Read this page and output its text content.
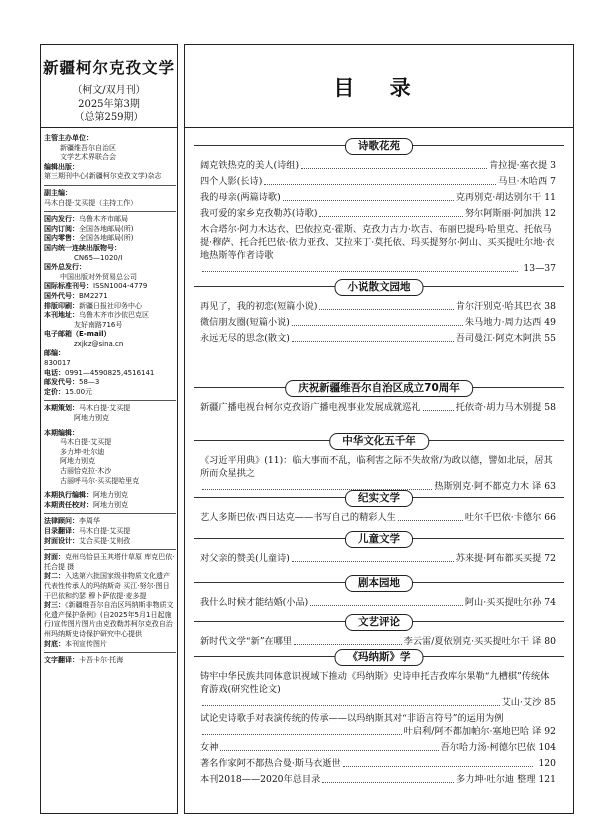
新疆柯尔克孜文学
（柯文/双月刊）
2025年第3期
（总第259期）
主管主办单位：
新疆维吾尔自治区
文学艺术界联合会
编辑出版：
第三期刊中心(新疆柯尔克孜文学)杂志
副主编：
马木白提·艾买提（主持工作）
国内发行：乌鲁木齐市邮局
国内订阅：全国各地邮局(所)
国内零售：全国各地邮局(所)
国内统一连续出版物号：
CN65—1020/I
国外总发行：
中国出版对外贸易总公司
国际标准刊号：ISSN1004-4779
国外代号：BM2271
排版印刷：新疆日报社印务中心
本刊地址：乌鲁木齐市沙依巴克区
友好南路716号
电子邮箱（E-mail）
zxjkz@sina.cn
邮编：
830017
电话：0991—4590825,4516141
邮发代号：58—3
定价：15.00元
本期策划：马木白提·艾买提
阿地力别克
本期编辑：
马木白提·艾买提
多力坤·吐尔迪
阿地力别克
古丽恰克拉·木沙
古丽呼马尔·买买提哈里克
本期执行编辑：阿地力别克
本期责任校对：阿地力别克
法律顾问：李周华
目录翻译：马木白提·艾买提
封面设计：艾合买提·艾则孜
封面：克州乌恰县玉其塔什草原 库克巴依·托合提 摄
封二：入选第六批国家级非物质文化遗产代表性传承人的玛纳斯奇 买江·努尔·图日干巴依和约瑟 穆卜萨依提·麦多提
封三：《新疆维吾尔自治区玛纳斯非物质文化遗产保护条例》(自2025年5月1日起施行)宣传图片图片由克孜勒苏柯尔克孜自治州玛纳斯史诗保护研究中心提供
封底：本刊宣传图片
文字翻译：卡吾卡尔·托海
目 录
诗歌花苑
阔克铁热克的美人(诗组)	肯拉提·塞衣提 3
四个人影(长诗)	马旦·木哈西 7
我的母亲(两篇诗歌)	克再别克·胡达别尔干 11
我可爱的家乡克孜勒苏(诗歌)	努尔阿斯丽·阿加洪 12
木合塔尔·阿力木达衣、巴依拉克·霍斯、克孜力古力·坎吉、布丽巴提玛·哈里克、托依马提·穆萨、托合托巴依·依力亚孜、艾拉来丁·莫托依、玛买提努尔·阿山、买买提吐尔地·衣地热斯等作者诗歌
13—37
小说散文园地
再见了，我的初恋(短篇小说)	肯尔汗别克·哈其巴衣 38
微信朋友圈(短篇小说)	朱马地力·周力达西 49
永远无尽的思念(散文)	吾司曼江·阿克木阿洪 55
庆祝新疆维吾尔自治区成立70周年
新疆广播电视台柯尔克孜语广播电视事业发展成就巡礼	托依奇·胡力马木别提 58
中华文化五千年
《习近平用典》(11)：临大事而不乱，临利害之际不失故常/为政以德，譬如北辰，居其所而众星拱之
热斯别克·阿不都克力木 译 63
纪实文学
艺人多斯巴依·西日达克——书写自己的精彩人生	吐尔千巴依·卡德尔 66
儿童文学
对父亲的赞美(儿童诗)	苏来提·阿布都买买提 72
剧本园地
我什么时候才能结婚(小品)	阿山·买买提吐尔孙 74
文艺评论
新时代文学“新”在哪里	李云雷/夏依别克·买买提吐尔干 译 80
《玛纳斯》学
铸牢中华民族共同体意识视域下推动《玛纳斯》史诗申托吉孜库尔果勒“九槽棋”传统体育游戏(研究性论文)
艾山·艾沙 85
试论史诗歌手对表演传统的传承——以玛纳斯其对“非语言符号”的运用为例
叶启利/阿不都加帕尔·塞地巴哈 译 92
女神	吾尔哈力汤·柯德尔巴依 104
著名作家阿不都热合曼·斯马衣逝世	120
本刊2018——2020年总目录	多力坤·吐尔迪 整理 121
